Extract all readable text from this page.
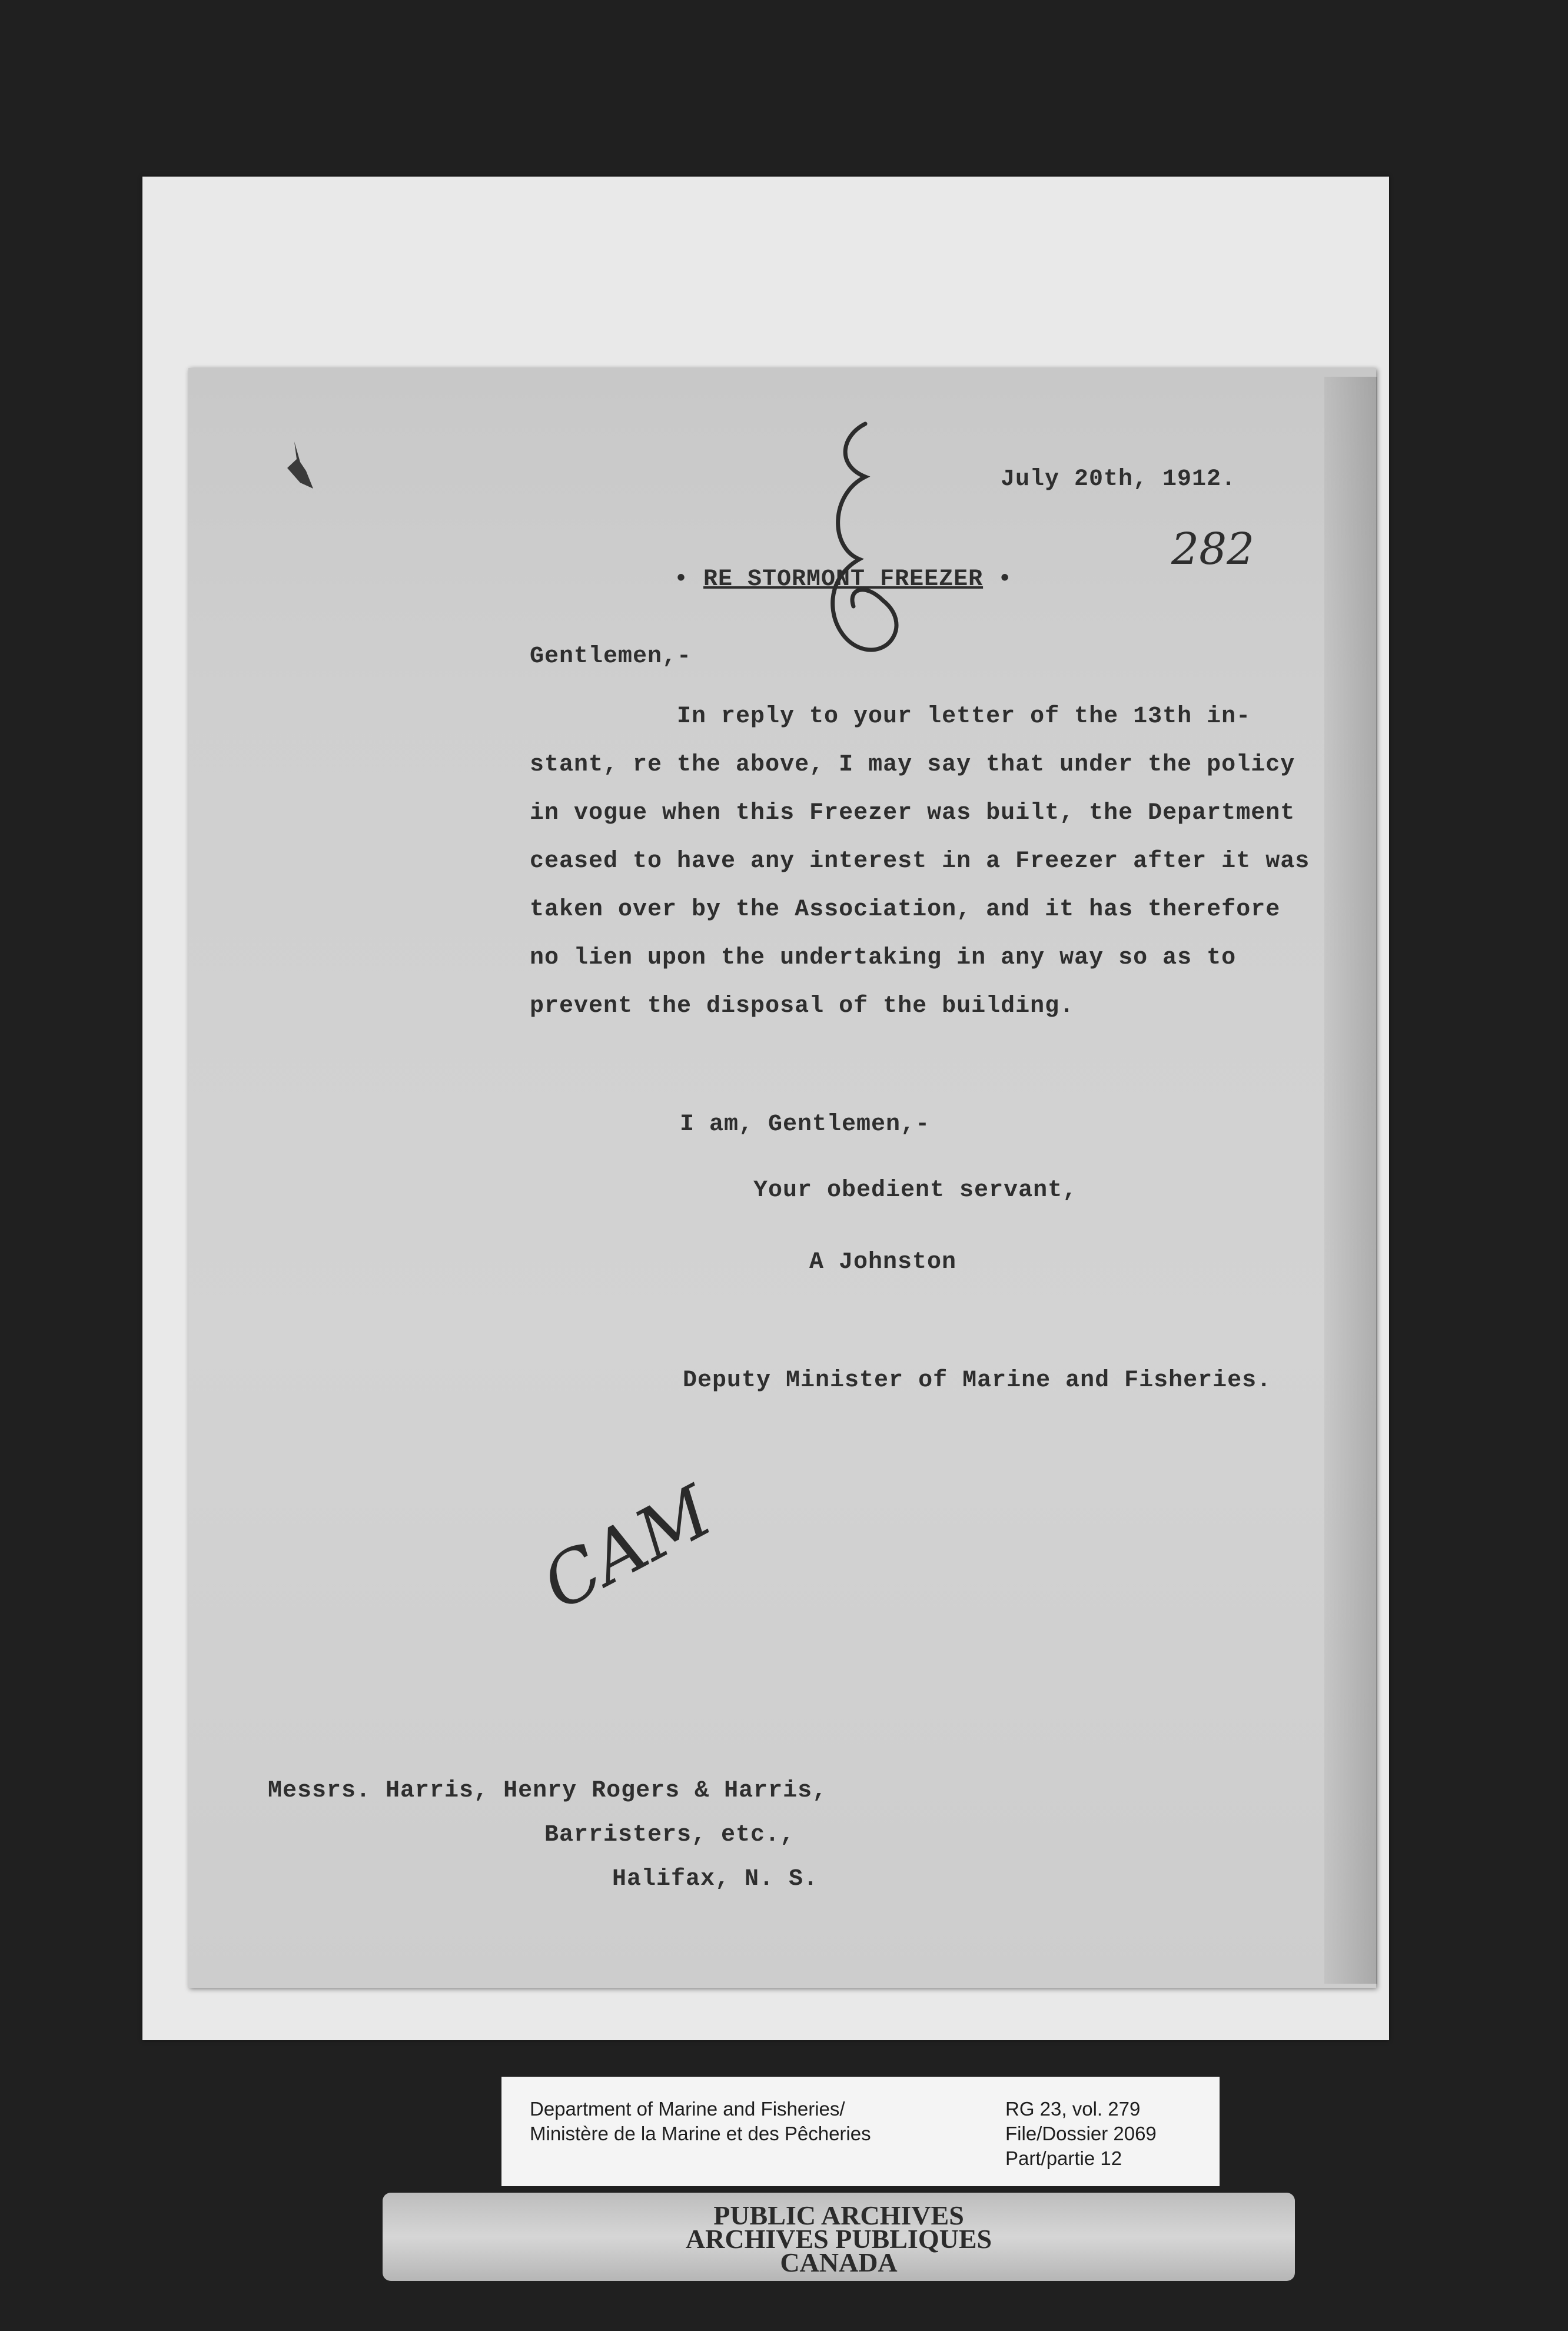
July 20th, 1912.
282
• RE STORMONT FREEZER •
Gentlemen,-
In reply to your letter of the 13th in-
stant, re the above, I may say that under the policy
in vogue when this Freezer was built, the Department
ceased to have any interest in a Freezer after it was
taken over by the Association, and it has therefore
no lien upon the undertaking in any way so as to
prevent the disposal of the building.
I am, Gentlemen,-
Your obedient servant,
A Johnston
Deputy Minister of Marine and Fisheries.
CAM
Messrs. Harris, Henry Rogers & Harris,
Barristers, etc.,
Halifax, N. S.
Department of Marine and Fisheries/
Ministère de la Marine et des Pêcheries
RG 23, vol. 279
File/Dossier 2069
Part/partie 12
PUBLIC ARCHIVES
ARCHIVES PUBLIQUES
CANADA
